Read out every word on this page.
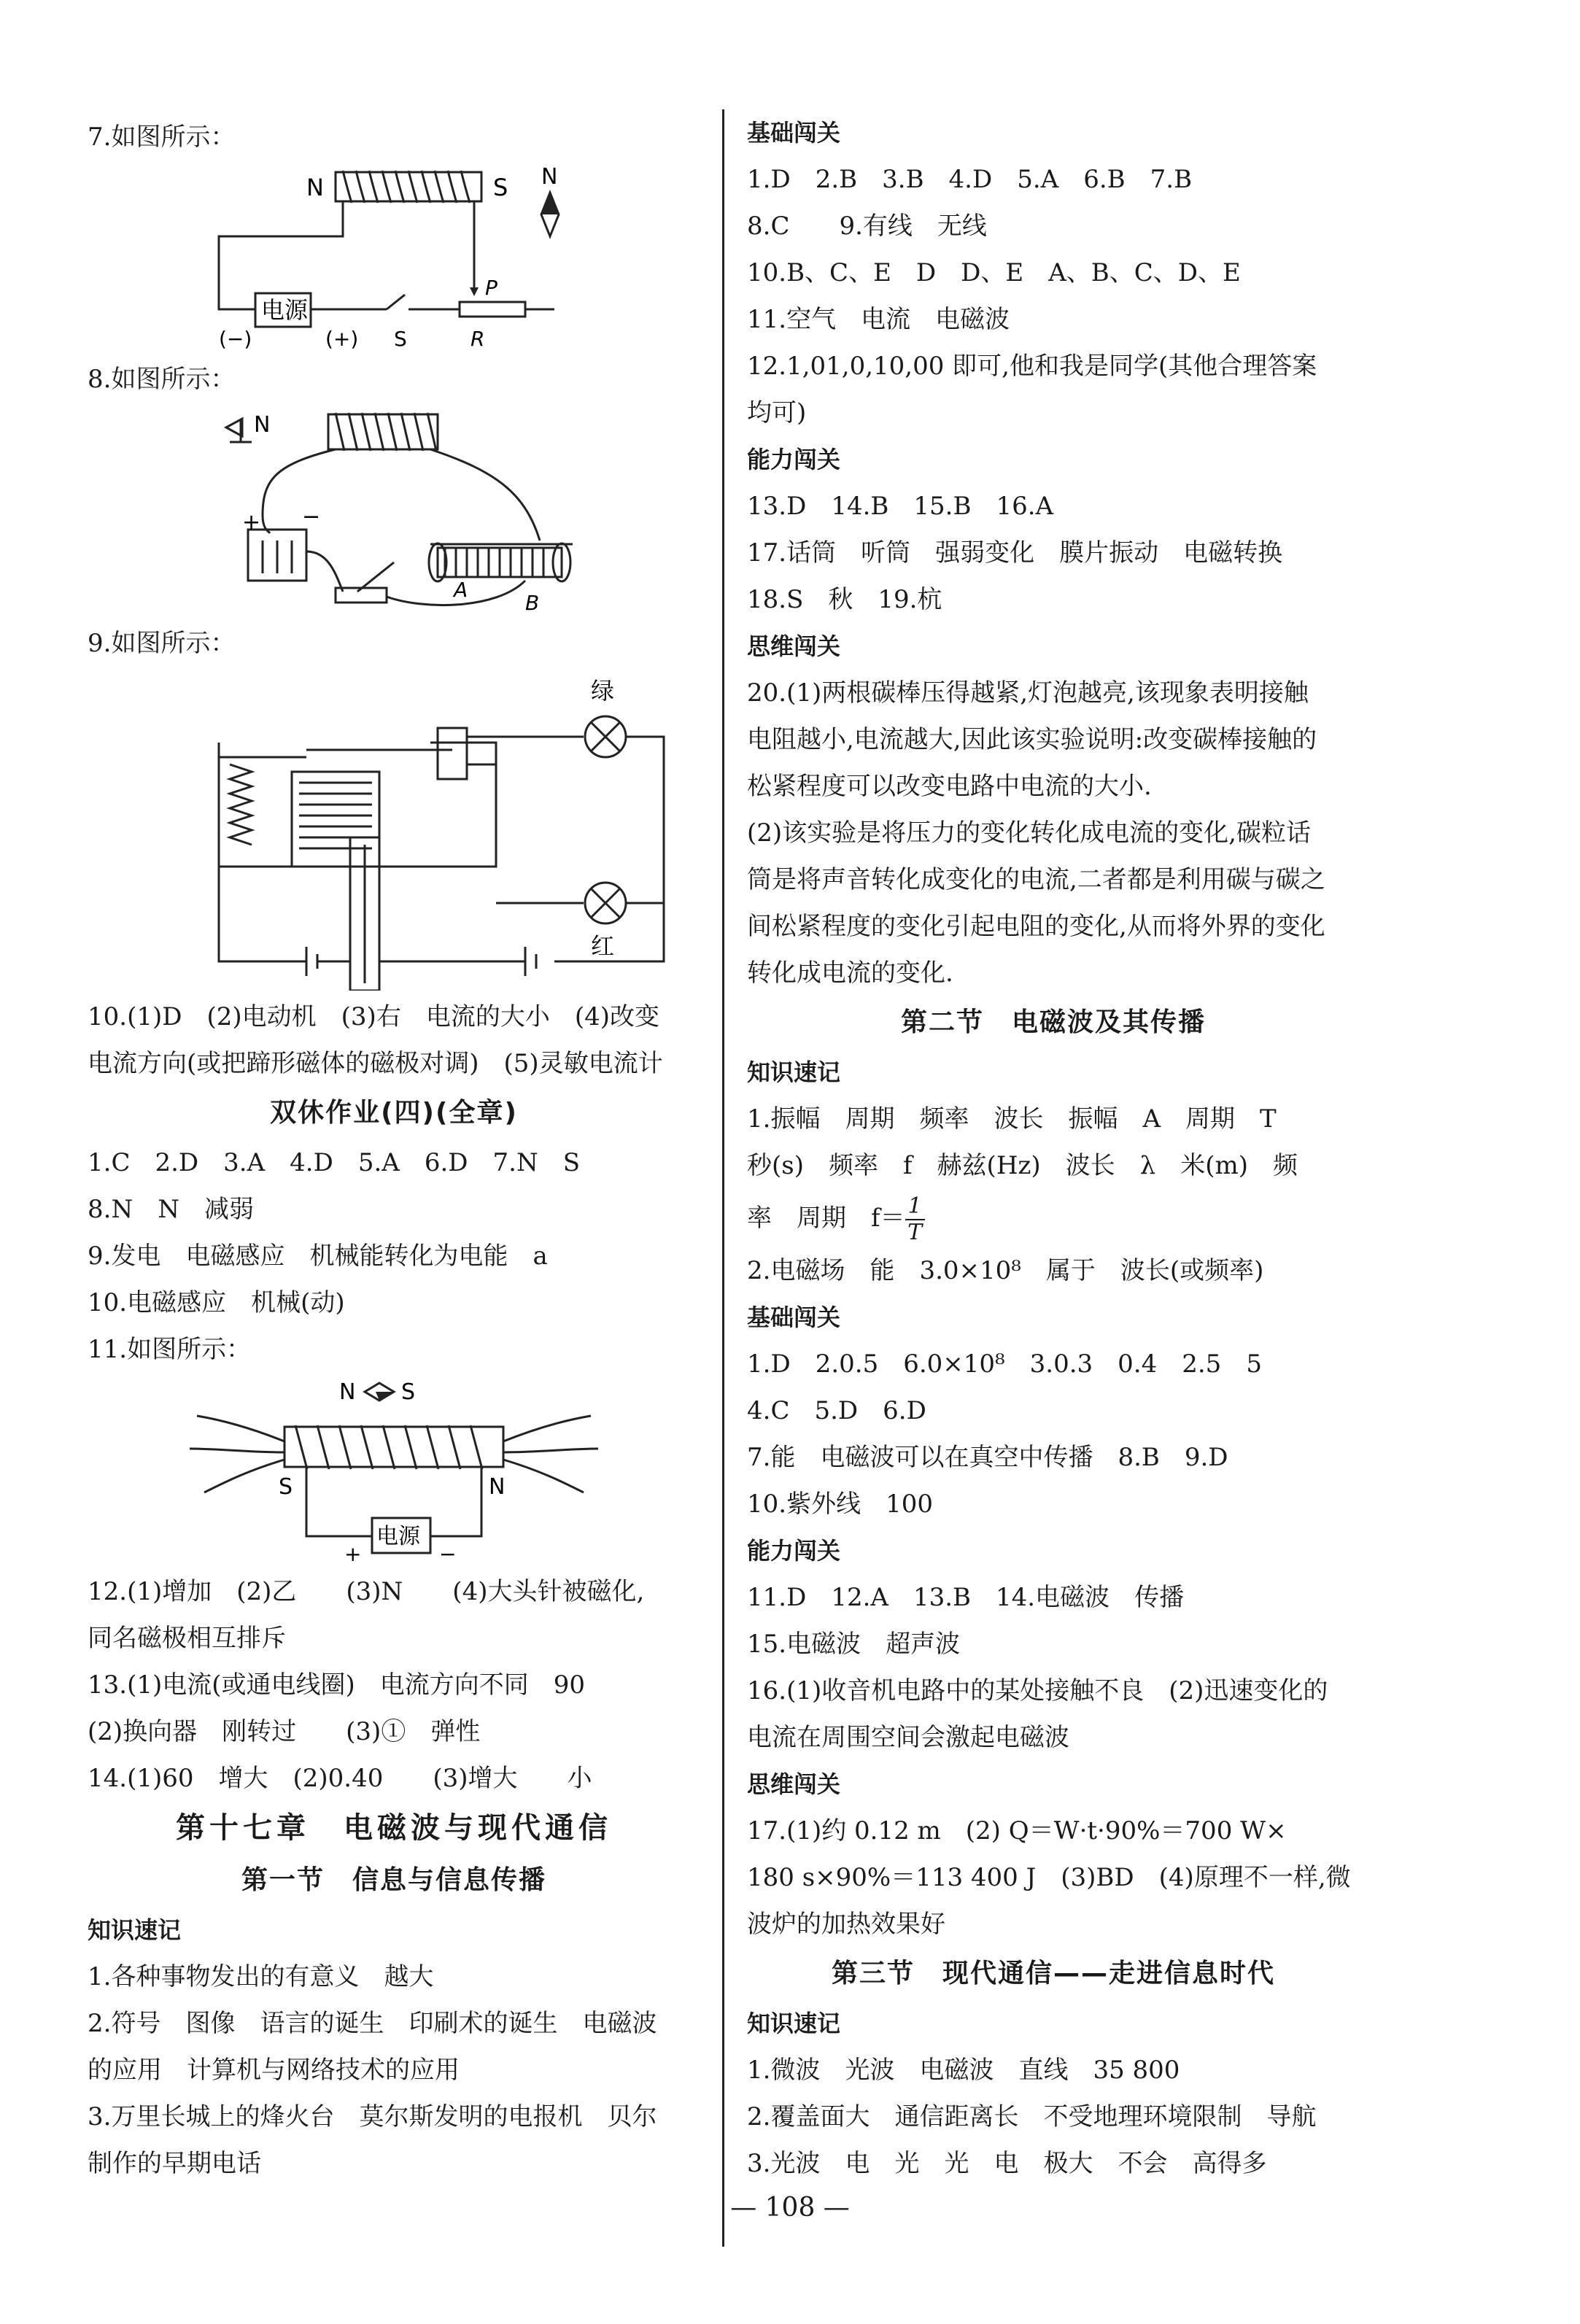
7.如图所示：
N	S N
电源
(−)	(+) S
P
R
8.如图所示：
N
+ −
A
B
9.如图所示：
绿
红
10.(1)D　(2)电动机　(3)右　电流的大小　(4)改变
电流方向(或把蹄形磁体的磁极对调)　(5)灵敏电流计
双休作业(四)(全章)
1.C　2.D　3.A　4.D　5.A　6.D　7.N　S
8.N　N　减弱
9.发电　电磁感应　机械能转化为电能　a
10.电磁感应　机械(动)
11.如图所示：
N S
S	N
电源
+	−
12.(1)增加　(2)乙　　(3)N　　(4)大头针被磁化,
同名磁极相互排斥
13.(1)电流(或通电线圈)　电流方向不同　90
(2)换向器　刚转过　　(3)①　弹性
14.(1)60　增大　(2)0.40　　(3)增大　　小
第十七章　电磁波与现代通信
第一节　信息与信息传播
知识速记
1.各种事物发出的有意义　越大
2.符号　图像　语言的诞生　印刷术的诞生　电磁波
的应用　计算机与网络技术的应用
3.万里长城上的烽火台　莫尔斯发明的电报机　贝尔
制作的早期电话
基础闯关
1.D　2.B　3.B　4.D　5.A　6.B　7.B
8.C　　9.有线　无线
10.B、C、E　D　D、E　A、B、C、D、E
11.空气　电流　电磁波
12.1,01,0,10,00 即可,他和我是同学(其他合理答案
均可)
能力闯关
13.D　14.B　15.B　16.A
17.话筒　听筒　强弱变化　膜片振动　电磁转换
18.S　秋　19.杭
思维闯关
20.(1)两根碳棒压得越紧,灯泡越亮,该现象表明接触
电阻越小,电流越大,因此该实验说明:改变碳棒接触的
松紧程度可以改变电路中电流的大小.
(2)该实验是将压力的变化转化成电流的变化,碳粒话
筒是将声音转化成变化的电流,二者都是利用碳与碳之
间松紧程度的变化引起电阻的变化,从而将外界的变化
转化成电流的变化.
第二节　电磁波及其传播
知识速记
1.振幅　周期　频率　波长　振幅　A　周期　T
秒(s)　频率　f　赫兹(Hz)　波长　λ　米(m)　频
率　周期　$f= \frac{1}{T}$
2.电磁场　能　3.0×10⁸　属于　波长(或频率)
基础闯关
1.D　2.0.5　6.0×10⁸　3.0.3　0.4　2.5　5
4.C　5.D　6.D
7.能　电磁波可以在真空中传播　8.B　9.D
10.紫外线　100
能力闯关
11.D　12.A　13.B　14.电磁波　传播
15.电磁波　超声波
16.(1)收音机电路中的某处接触不良　(2)迅速变化的
电流在周围空间会激起电磁波
思维闯关
17.(1)约 0.12 m　(2) Q＝W·t·90%＝700 W×
180 s×90%＝113 400 J　(3)BD　(4)原理不一样,微
波炉的加热效果好
第三节　现代通信——走进信息时代
知识速记
1.微波　光波　电磁波　直线　35 800
2.覆盖面大　通信距离长　不受地理环境限制　导航
3.光波　电　光　光　电　极大　不会　高得多
— 108 —
